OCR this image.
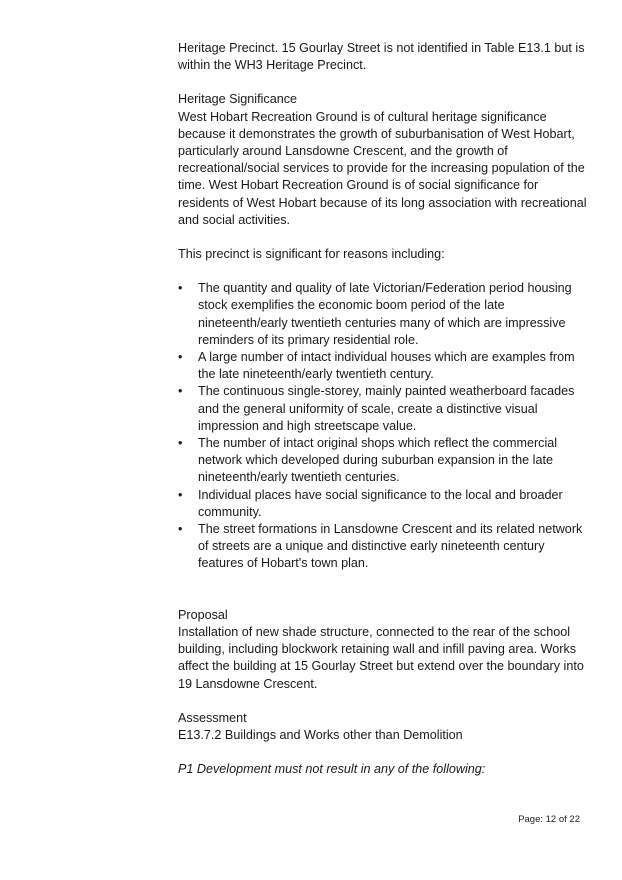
Heritage Precinct. 15 Gourlay Street is not identified in Table E13.1 but is within the WH3 Heritage Precinct.

Heritage Significance

West Hobart Recreation Ground is of cultural heritage significance because it demonstrates the growth of suburbanisation of West Hobart, particularly around Lansdowne Crescent, and the growth of recreational/social services to provide for the increasing population of the time. West Hobart Recreation Ground is of social significance for residents of West Hobart because of its long association with recreational and social activities.

This precinct is significant for reasons including:

• The quantity and quality of late Victorian/Federation period housing stock exemplifies the economic boom period of the late nineteenth/early twentieth centuries many of which are impressive reminders of its primary residential role.
• A large number of intact individual houses which are examples from the late nineteenth/early twentieth century.
• The continuous single-storey, mainly painted weatherboard facades and the general uniformity of scale, create a distinctive visual impression and high streetscape value.
• The number of intact original shops which reflect the commercial network which developed during suburban expansion in the late nineteenth/early twentieth centuries.
• Individual places have social significance to the local and broader community.
• The street formations in Lansdowne Crescent and its related network of streets are a unique and distinctive early nineteenth century features of Hobart's town plan.

Proposal

Installation of new shade structure, connected to the rear of the school building, including blockwork retaining wall and infill paving area. Works affect the building at 15 Gourlay Street but extend over the boundary into 19 Lansdowne Crescent.

Assessment

E13.7.2 Buildings and Works other than Demolition

P1 Development must not result in any of the following:

Page: 12 of 22
